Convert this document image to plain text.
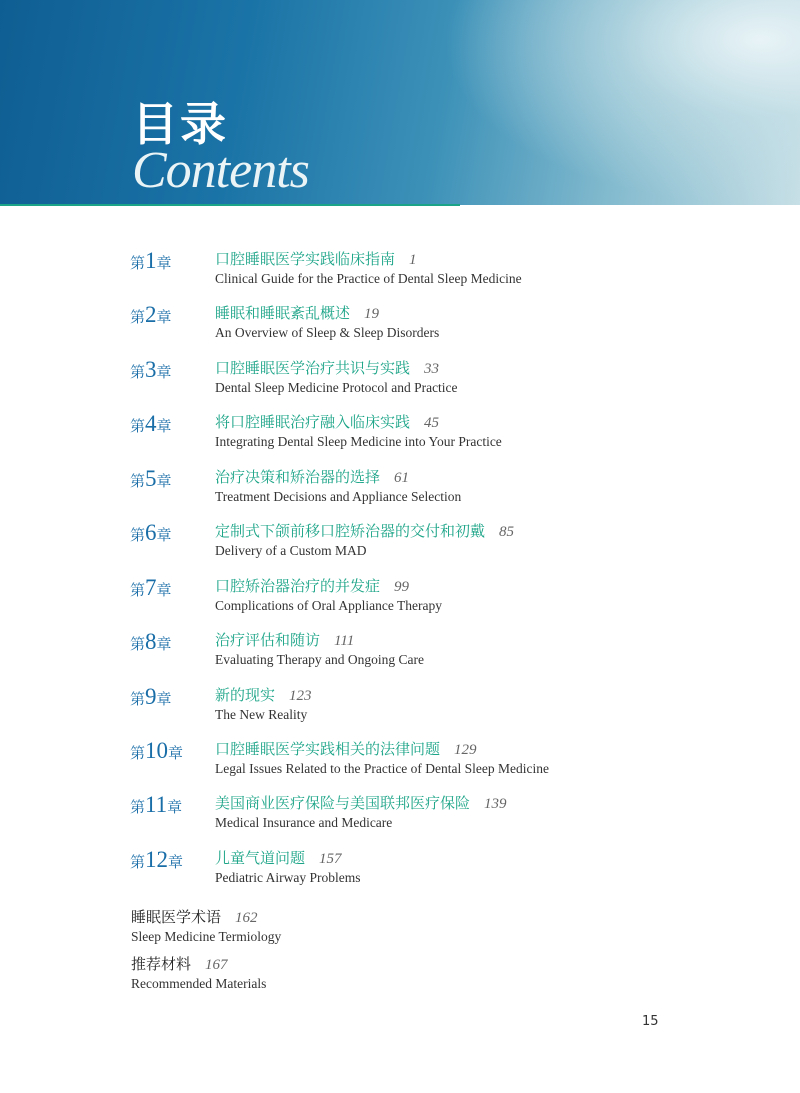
目录
Contents
第1章	口腔睡眠医学实践临床指南 1
Clinical Guide for the Practice of Dental Sleep Medicine
第2章	睡眠和睡眠紊乱概述 19
An Overview of Sleep & Sleep Disorders
第3章	口腔睡眠医学治疗共识与实践 33
Dental Sleep Medicine Protocol and Practice
第4章	将口腔睡眠治疗融入临床实践 45
Integrating Dental Sleep Medicine into Your Practice
第5章	治疗决策和矫治器的选择 61
Treatment Decisions and Appliance Selection
第6章	定制式下颌前移口腔矫治器的交付和初戴 85
Delivery of a Custom MAD
第7章	口腔矫治器治疗的并发症 99
Complications of Oral Appliance Therapy
第8章	治疗评估和随访 111
Evaluating Therapy and Ongoing Care
第9章	新的现实 123
The New Reality
第10章	口腔睡眠医学实践相关的法律问题 129
Legal Issues Related to the Practice of Dental Sleep Medicine
第11章	美国商业医疗保险与美国联邦医疗保险 139
Medical Insurance and Medicare
第12章	儿童气道问题 157
Pediatric Airway Problems
睡眠医学术语 162
Sleep Medicine Termiology
推荐材料 167
Recommended Materials
15
